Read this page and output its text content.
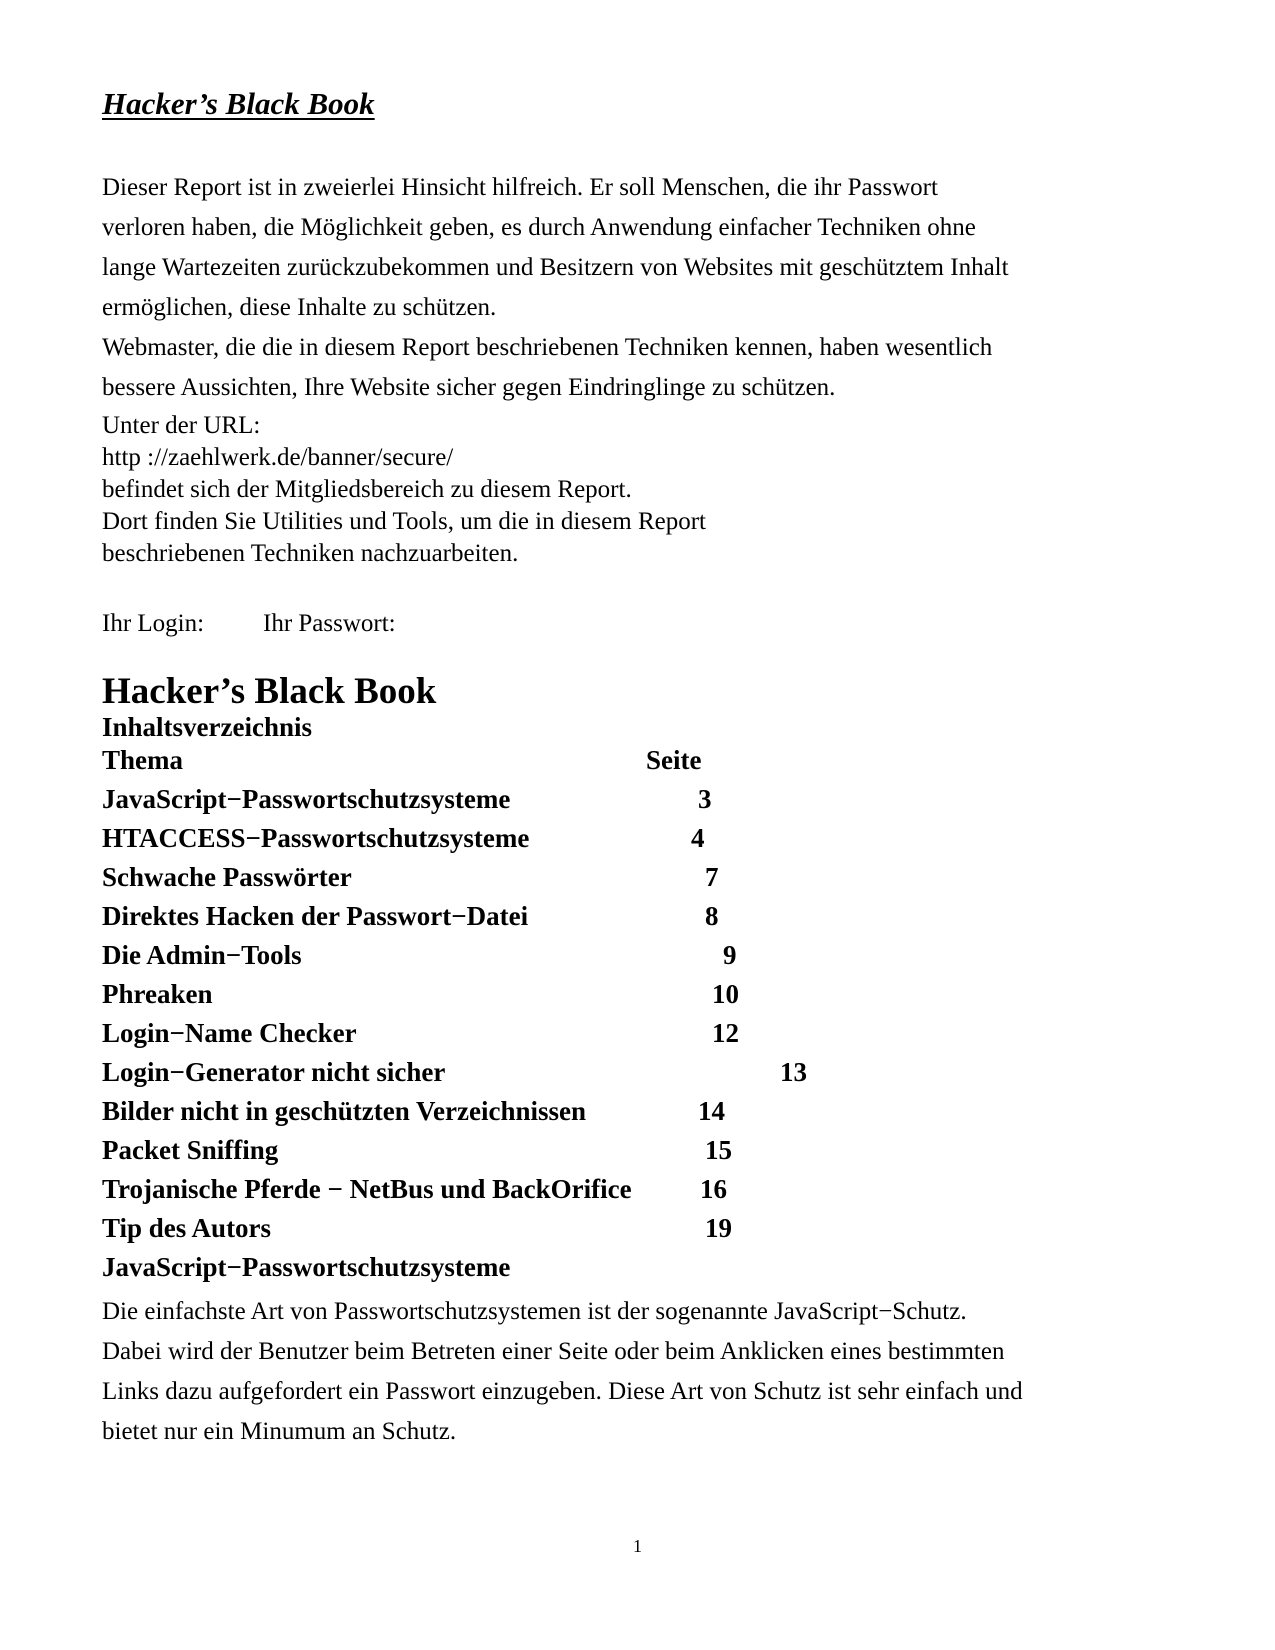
Hacker’s Black Book

Dieser Report ist in zweierlei Hinsicht hilfreich. Er soll Menschen, die ihr Passwort

verloren haben, die Möglichkeit geben, es durch Anwendung einfacher Techniken ohne

lange Wartezeiten zurückzubekommen und Besitzern von Websites mit geschütztem Inhalt

ermöglichen, diese Inhalte zu schützen.

Webmaster, die die in diesem Report beschriebenen Techniken kennen, haben wesentlich

bessere Aussichten, Ihre Website sicher gegen Eindringlinge zu schützen.

Unter der URL:

http ://zaehlwerk.de/banner/secure/

befindet sich der Mitgliedsbereich zu diesem Report.

Dort finden Sie Utilities und Tools, um die in diesem Report

beschriebenen Techniken nachzuarbeiten.

Ihr Login: Ihr Passwort:
Hacker’s Black Book
Inhaltsverzeichnis
Thema	Seite
JavaScript−Passwortschutzsysteme	3
HTACCESS−Passwortschutzsysteme	4
Schwache Passwörter	7
Direktes Hacken der Passwort−Datei	8
Die Admin−Tools	9
Phreaken	10
Login−Name Checker	12
Login−Generator nicht sicher	13
Bilder nicht in geschützten Verzeichnissen	14
Packet Sniffing	15
Trojanische Pferde − NetBus und BackOrifice	16
Tip des Autors	19
JavaScript−Passwortschutzsysteme

Die einfachste Art von Passwortschutzsystemen ist der sogenannte JavaScript−Schutz.

Dabei wird der Benutzer beim Betreten einer Seite oder beim Anklicken eines bestimmten

Links dazu aufgefordert ein Passwort einzugeben. Diese Art von Schutz ist sehr einfach und

bietet nur ein Minumum an Schutz.

1
